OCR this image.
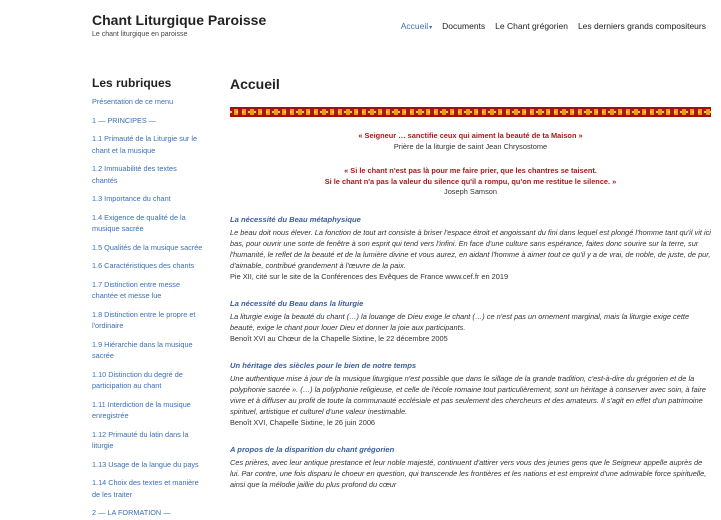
Chant Liturgique Paroisse
Le chant liturgique en paroisse
Accueil▾	Documents	Le Chant grégorien	Les derniers grands compositeurs
Les rubriques
Présentation de ce menu
1 — PRINCIPES —
1.1 Primauté de la Liturgie sur le chant et la musique
1.2 Immuabilité des textes chantés
1.3 Importance du chant
1.4 Exigence de qualité de la musique sacrée
1.5 Qualités de la musique sacrée
1.6 Caractéristiques des chants
1.7 Distinction entre messe chantée et messe lue
1.8 Distinction entre le propre et l'ordinaire
1.9 Hiérarchie dans la musique sacrée
1.10 Distinction du degré de participation au chant
1.11 Interdiction de la musique enregistrée
1.12 Primauté du latin dans la liturgie
1.13 Usage de la langue du pays
1.14 Choix des textes et manière de les traiter
2 — LA FORMATION —
Accueil
« Seigneur … sanctifie ceux qui aiment la beauté de ta Maison »
Prière de la liturgie de saint Jean Chrysostome
« Si le chant n'est pas là pour me faire prier, que les chantres se taisent.
Si le chant n'a pas la valeur du silence qu'il a rompu, qu'on me restitue le silence. »
Joseph Samson
La nécessité du Beau métaphysique
Le beau doit nous élever. La fonction de tout art consiste à briser l'espace étroit et angoissant du fini dans lequel est plongé l'homme tant qu'il vit ici bas, pour ouvrir une sorte de fenêtre à son esprit qui tend vers l'infini. En face d'une culture sans espérance, faites donc sourire sur la terre, sur l'humanité, le reflet de la beauté et de la lumière divine et vous aurez, en aidant l'homme à aimer tout ce qu'il y a de vrai, de noble, de juste, de pur, d'aimable, contribué grandement à l'œuvre de la paix.
Pie XII, cité sur le site de la Conférences des Evêques de France www.cef.fr en 2019
La nécessité du Beau dans la liturgie
La liturgie exige la beauté du chant (…) la louange de Dieu exige le chant (…) ce n'est pas un ornement marginal, mais la liturgie exige cette beauté, exige le chant pour louer Dieu et donner la joie aux participants.
Benoît XVI au Chœur de la Chapelle Sixtine, le 22 décembre 2005
Un héritage des siècles pour le bien de notre temps
Une authentique mise à jour de la musique liturgique n'est possible que dans le sillage de la grande tradition, c'est-à-dire du grégorien et de la polyphonie sacrée ». (…) la polyphonie religieuse, et celle de l'école romaine tout particulièrement, sont un héritage à conserver avec soin, à faire vivre et à diffuser au profit de toute la communauté ecclésiale et pas seulement des chercheurs et des amateurs. Il s'agit en effet d'un patrimoine spirituel, artistique et culturel d'une valeur inestimable.
Benoît XVI, Chapelle Sixtine, le 26 juin 2006
A propos de la disparition du chant grégorien
Ces prières, avec leur antique prestance et leur noble majesté, continuent d'attirer vers vous des jeunes gens que le Seigneur appelle auprès de lui. Par contre, une fois disparu le choeur en question, qui transcende les frontières et les nations et est empreint d'une admirable force spirituelle, ainsi que la mélodie jaillie du plus profond du cœur
